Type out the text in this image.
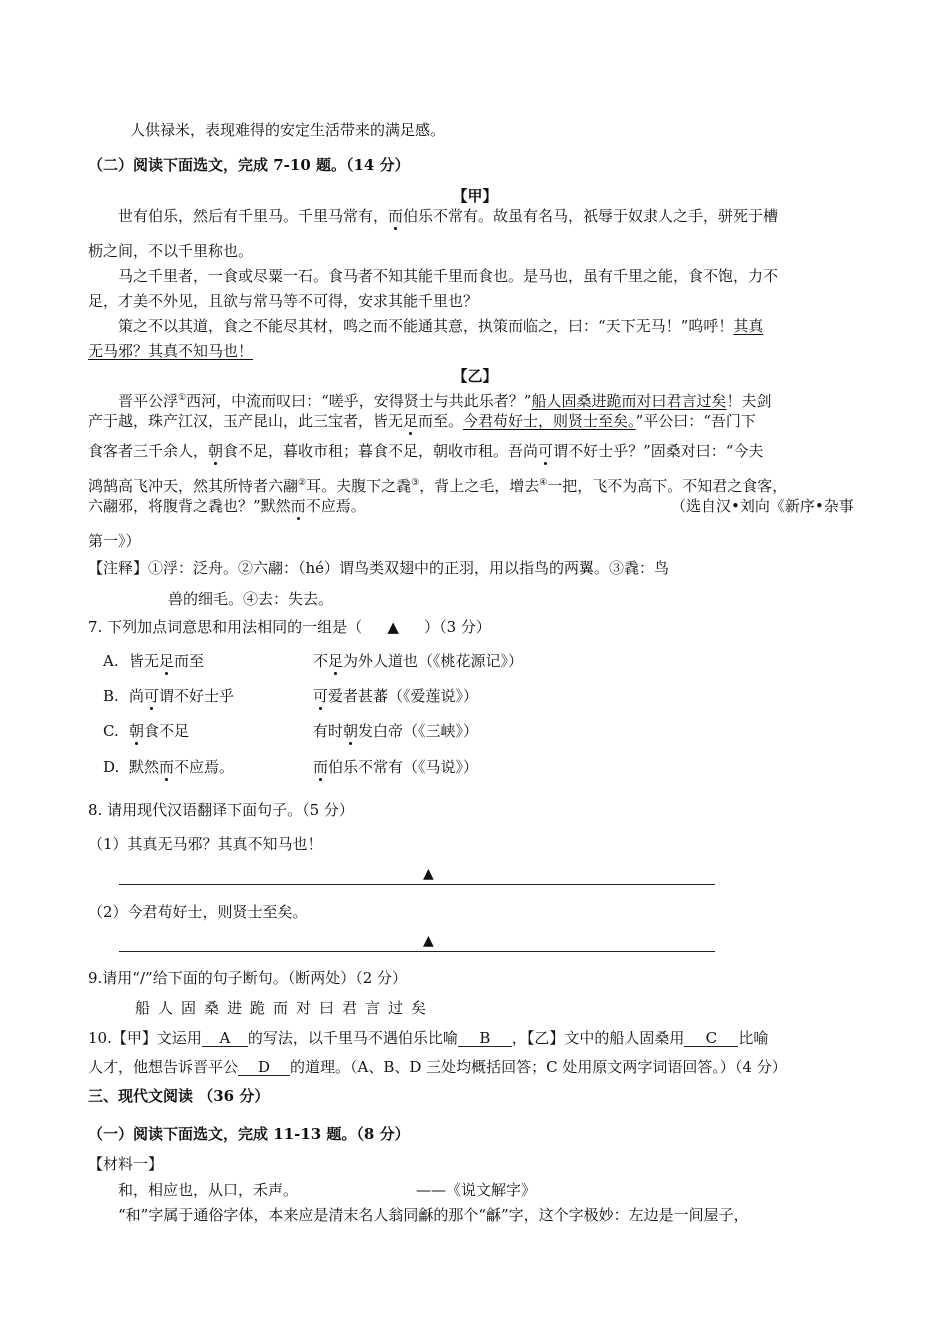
人供禄米，表现难得的安定生活带来的满足感。
（二）阅读下面选文，完成 7-10 题。（14 分）
【甲】
世有伯乐，然后有千里马。千里马常有，而伯乐不常有。故虽有名马，祇辱于奴隶人之手，骈死于槽
枥之间，不以千里称也。
马之千里者，一食或尽粟一石。食马者不知其能千里而食也。是马也，虽有千里之能，食不饱，力不
足，才美不外见，且欲与常马等不可得，安求其能千里也？
策之不以其道，食之不能尽其材，鸣之而不能通其意，执策而临之，曰：“天下无马！”呜呼！其真
无马邪？其真不知马也！
【乙】
晋平公浮①西河，中流而叹曰：“嗟乎，安得贤士与共此乐者？”船人固桑进跪而对曰君言过矣！夫剑
产于越，珠产江汉，玉产昆山，此三宝者，皆无足而至。今君苟好士，则贤士至矣。”平公曰：“吾门下
食客者三千余人，朝食不足，暮收市租；暮食不足，朝收市租。吾尚可谓不好士乎？”固桑对曰：“今夫
鸿鹄高飞冲天，然其所恃者六翮②耳。夫腹下之毳③，背上之毛，增去④一把，飞不为高下。不知君之食客，
六翮邪，将腹背之毳也？”默然而不应焉。	（选自汉•刘向《新序•杂事
第一》）
【注释】①浮：泛舟。②六翮：（hé）谓鸟类双翅中的正羽，用以指鸟的两翼。③毳：鸟
兽的细毛。④去：失去。
7. 下列加点词意思和用法相同的一组是（ ▲ ）（3 分）
A. 皆无足而至	不足为外人道也（《桃花源记》）
B. 尚可谓不好士乎	可爱者甚蕃（《爱莲说》）
C. 朝食不足	有时朝发白帝（《三峡》）
D. 默然而不应焉。	而伯乐不常有（《马说》）
8. 请用现代汉语翻译下面句子。（5 分）
（1）其真无马邪？其真不知马也！
▲
（2）今君苟好士，则贤士至矣。
▲
9.请用“/”给下面的句子断句。（断两处）（2 分）
船人固桑进跪而对曰君言过矣
10.【甲】文运用 A 的写法，以千里马不遇伯乐比喻 B ，【乙】文中的船人固桑用 C 比喻
人才，他想告诉晋平公 D 的道理。（A、B、D 三处均概括回答；C 处用原文两字词语回答。）（4 分）
三、现代文阅读 （36 分）
（一）阅读下面选文，完成 11-13 题。（8 分）
【材料一】
和，相应也，从口，禾声。	——《说文解字》
“和”字属于通俗字体，本来应是清末名人翁同龢的那个“龢”字，这个字极妙：左边是一间屋子，
